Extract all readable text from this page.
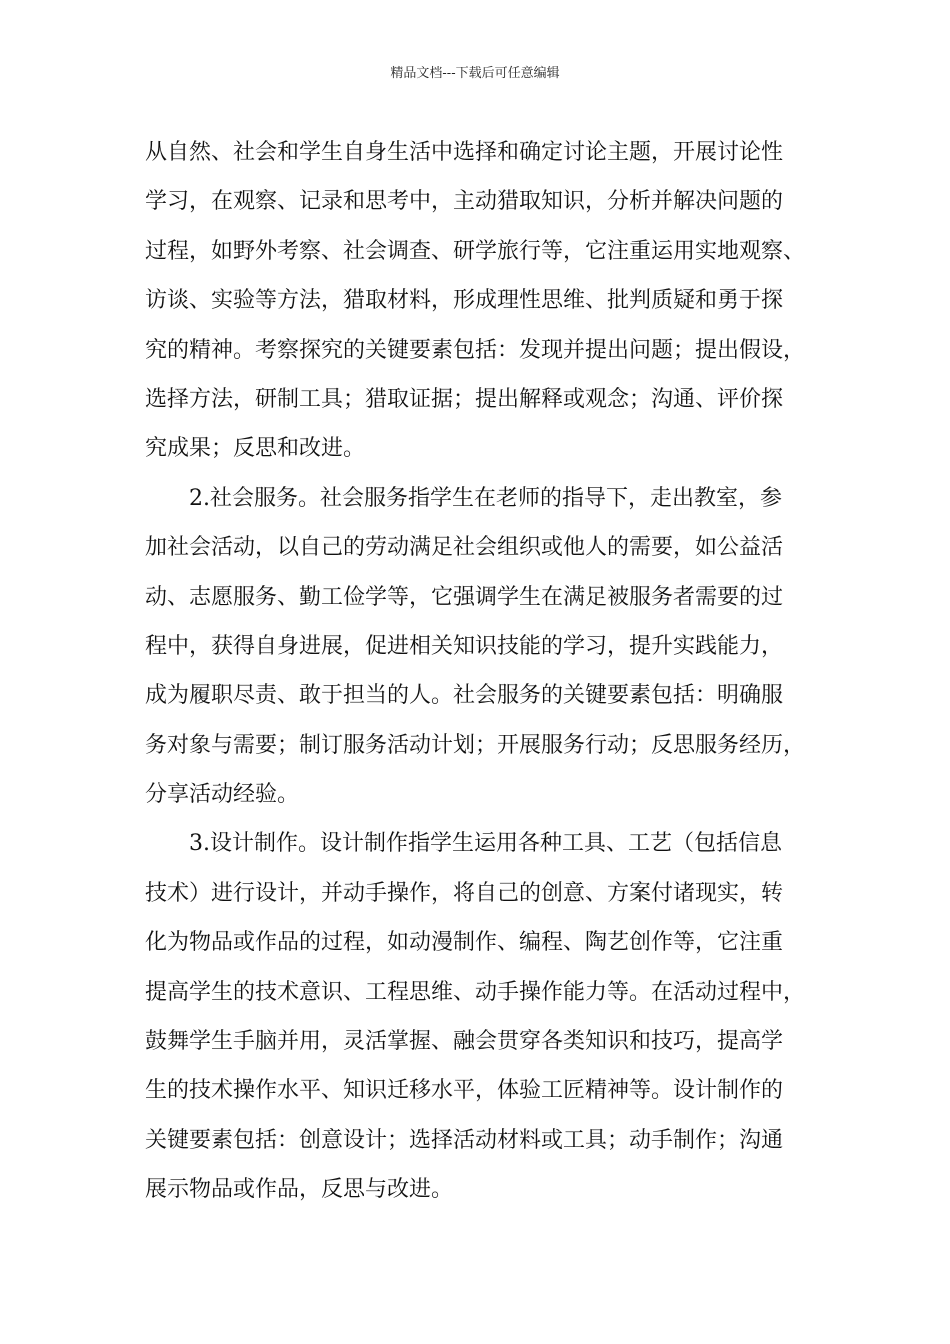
精品文档---下载后可任意编辑
从自然、社会和学生自身生活中选择和确定讨论主题，开展讨论性
学习，在观察、记录和思考中，主动猎取知识，分析并解决问题的
过程，如野外考察、社会调查、研学旅行等，它注重运用实地观察、
访谈、实验等方法，猎取材料，形成理性思维、批判质疑和勇于探
究的精神。考察探究的关键要素包括：发现并提出问题；提出假设，
选择方法，研制工具；猎取证据；提出解释或观念；沟通、评价探
究成果；反思和改进。
2.社会服务。社会服务指学生在老师的指导下，走出教室，参
加社会活动，以自己的劳动满足社会组织或他人的需要，如公益活
动、志愿服务、勤工俭学等，它强调学生在满足被服务者需要的过
程中，获得自身进展，促进相关知识技能的学习，提升实践能力，
成为履职尽责、敢于担当的人。社会服务的关键要素包括：明确服
务对象与需要；制订服务活动计划；开展服务行动；反思服务经历，
分享活动经验。
3.设计制作。设计制作指学生运用各种工具、工艺（包括信息
技术）进行设计，并动手操作，将自己的创意、方案付诸现实，转
化为物品或作品的过程，如动漫制作、编程、陶艺创作等，它注重
提高学生的技术意识、工程思维、动手操作能力等。在活动过程中，
鼓舞学生手脑并用，灵活掌握、融会贯穿各类知识和技巧，提高学
生的技术操作水平、知识迁移水平，体验工匠精神等。设计制作的
关键要素包括：创意设计；选择活动材料或工具；动手制作；沟通
展示物品或作品，反思与改进。
